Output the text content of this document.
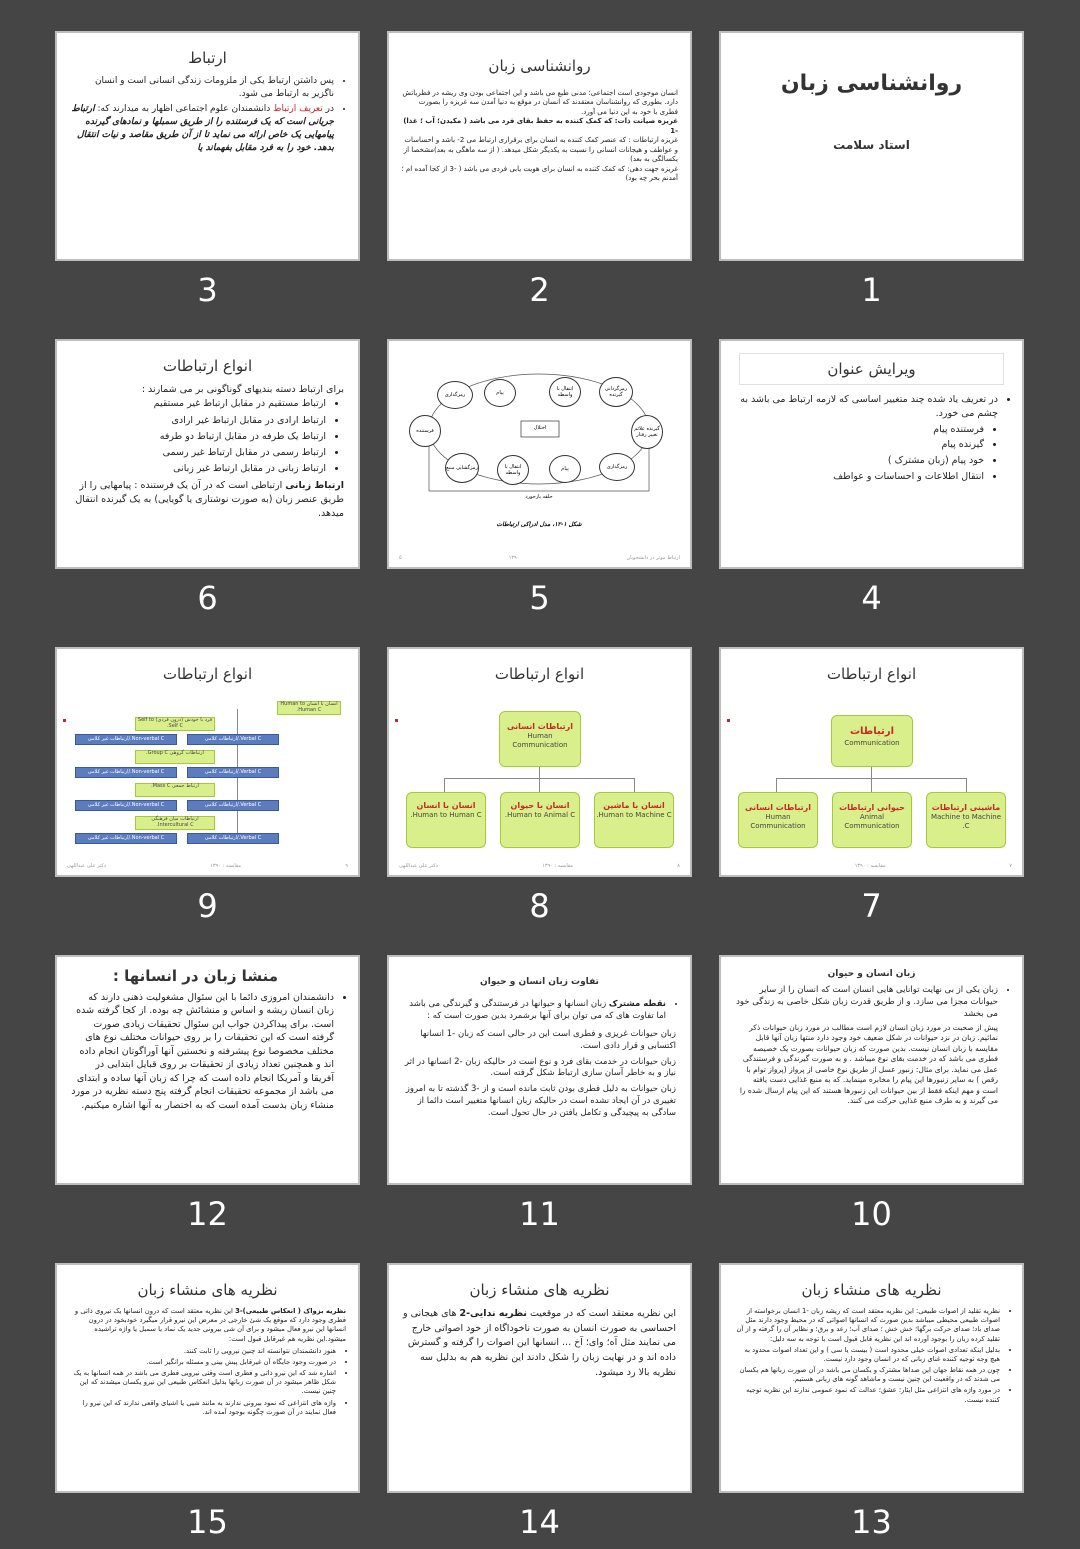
روانشناسی زبان
استاد سلامت
1
روانشناسی زبان
انسان موجودی است اجتماعی؛ مدنی طبع می باشد و این اجتماعی بودن وی ریشه در فطریاتش دارد. بطوری که روانشناسان معتقدند که انسان در موقع به دنیا آمدن سه غریزه را بصورت فطری با خود به این دنیا می آورد.
غریزه صیانت ذات: که کمک کننده به حفظ بقای فرد می باشد ( مکیدن؛ آب ؛ غذا) -1
غریزه ارتباطات : که عنصر کمک کننده به انسان برای برقراری ارتباط می 2- باشد و احساسات و عواطف و هیجانات انسانی را نسبت به یکدیگر شکل میدهد. ( از سه ماهگی به بعد)مشخصا از یکسالگی به بعد)
غریزه جهت دهی: که کمک کننده به انسان برای هویت یابی فردی می باشد ( -3 از کجا آمده ام ؛ آمدنم بحر چه بود)
2
ارتباط
• پس داشتن ارتباط یکی از ملزومات زندگی انسانی است و انسان ناگزیر به ارتباط می شود.
• در تعریف ارتباط دانشمندان علوم اجتماعی اظهار به میدارند که: ارتباط جریانی است که یک فرستنده را از طریق سمبلها و نمادهای گیرنده پیامهایی یک خاص ارائه می نماید تا از آن طریق مقاصد و نیات انتقال بدهد. خود را به فرد مقابل بفهماند یا
3
ویرایش عنوان
• در تعریف یاد شده چند متغییر اساسی که لازمه ارتباط می باشد به چشم می خورد.
• فرستنده پیام
• گیرنده پیام
• خود پیام (زبان مشترک )
• انتقال اطلاعات و احساسات و عواطف
4
اختلال
رمزگذاری	پیام
انتقال با واسطه
رمزگردانی گیرنده
گیرنده علائم تغییر رفتار
رمزگذاری
پیام
انتقال با واسطه
رمزگشایی منبع
فرستنده
حلقه بازخورد
شکل ۱-۱۲، مدل ادراکی ارتباطات
۵	۱۳۹۰	ارتباط موثر در دانشجویان
5
انواع ارتباطات
برای ارتباط دسته بندیهای گوناگونی بر می شمارند :
• ارتباط مستقیم در مقابل ارتباط غیر مستقیم
• ارتباط ارادی در مقابل ارتباط غیر ارادی
• ارتباط یک طرفه در مقابل ارتباط دو طرفه
• ارتباط رسمی در مقابل ارتباط غیر رسمی
• ارتباط زبانی در مقابل ارتباط غیر زبانی
ارتباط زبانی ارتباطی است که در آن یک فرستنده : پیامهایی را از طریق عنصر زبان (به صورت نوشتاری یا گویایی) به یک گیرنده انتقال میدهد.
6
انواع ارتباطات
ارتباطات
Communication
ماشینی ارتباطات
Machine to Machine C.
حیوانی ارتباطات
Animal Communication
ارتباطات انسانی
Human Communication
مقایسه : ۱۳۹۰	۷
7
انواع ارتباطات
ارتباطات انسانی
Human Communication
انسان با ماشین
Human to Machine C.
انسان با حیوان
Human to Animal C.
انسان با انسان
Human to Human C.
دکتر علی عبداللهی	مقایسه : ۱۳۹۰	۸
8
انواع ارتباطات
انسان با انسان Human to Human C.
فرد با خودش (درون فردی) Self to Self C.
Verbal C./ارتباطات کلامی
Non-verbal C./ارتباطات غیر کلامی
ارتباطات گروهی Group C.
Verbal C./ارتباطات کلامی
Non-verbal C./ارتباطات غیر کلامی
ارتباط جمعی Mass C.
Verbal C./ارتباطات کلامی
Non-verbal C./ارتباطات غیر کلامی
ارتباطات میان فرهنگی Intercultural C.
Verbal C./ارتباطات کلامی
Non-verbal C./ارتباطات غیر کلامی
دکتر علی عبداللهی	مقایسه : ۱۳۹۰	۹
9
زبان انسان و حیوان
• زبان یکی از بی نهایت توانایی هایی انسان است که انسان را از سایر حیوانات مجزا می سازد. و از طریق قدرت زبان شکل خاصی به زندگی خود می بخشد
پیش از صحبت در مورد زبان انسان لازم است مطالب در مورد زبان حیوانات ذکر نمائیم. زبان در نزد حیوانات در شکل ضعیف خود وجود دارد منتها زبان آنها قابل مقایسه با زبان انسان نیست. بدین صورت که زبان حیوانات بصورت یک خصیصه فطری می باشد که در خدمت بقای نوع میباشد . و به صورت گیرندگی و فرستندگی عمل می نماید. برای مثال: زنبور عسل از طریق نوع خاصی از پرواز (پرواز توام با رقص ) به سایر زنبورها این پیام را مخابره مینماید. که به منبع غذایی دست یافته است و مهم اینکه فقط از بین حیوانات این زنبورها هستند که این پیام ارسال شده را می گیرند و به طرف منبع غذایی حرکت می کنند.
10
تفاوت زبان انسان و حیوان
• نقطه مشترک زبان انسانها و حیوانها در فرستندگی و گیرندگی می باشد اما تفاوت های که می توان برای آنها برشمرد بدین صورت است که :
زبان حیوانات غریزی و فطری است این در حالی است که زبان -1 انسانها اکتسابی و قرار دادی است.
زبان حیوانات در خدمت بقای فرد و نوع است در حالیکه زبان -2 انسانها در اثر نیاز و به خاطر آسان سازی ارتباط شکل گرفته است.
زبان حیوانات به دلیل فطری بودن ثابت مانده است و از -3 گذشته تا به امروز تغییری در آن ایجاد نشده است در حالیکه زبان انسانها متغییر است دائما از سادگی به پیچیدگی و تکامل یافتن در حال تحول است.
11
منشا زبان در انسانها :
• دانشمندان امروزی دائما با این سئوال مشغولیت ذهنی دارند که زبان انسان ریشه و اساس و منشائش چه بوده. از کجا گرفته شده است. برای پیداکردن جواب این سئوال تحقیقات زیادی صورت گرفته است که این تحقیقات را بر روی حیوانات مختلف نوع های مختلف مخصوصا نوع پیشرفته و نخستین آنها آوراگوتان انجام داده اند و همچنین تعداد زیادی از تحقیقات بر روی قبایل ابتدایی در آفریقا و آمریکا انجام داده است که چرا که زبان آنها ساده و ابتدای می باشد از مجموعه تحقیقات انجام گرفته پنج دسته نظریه در مورد منشاء زبان بدست آمده است که به اختصار به آنها اشاره میکنیم.
12
نظریه های منشاء زبان
• نظریه تقلید از اصوات طبیعی: این نظریه معتقد است که ریشه زبان -1 انسان برخواسته از اصوات طبیعی محیطی میباشد بدین صورت که انسانها اصواتی که در محیط وجود دارند مثل صدای باد؛ صدای حرکت برگها؛ خش خش ؛ صدای آب؛ رعد و برق؛ و نظایر آن را گرفته و از آن تقلید کرده زبان را بوجود آورده اند این نظریه قابل قبول است با توجه به سه دلیل:
• بدلیل اینکه تعدادی اصوات خیلی محدود است ( بیست یا سی ) و این تعداد اصوات محدود به هیچ وجه توجیه کننده غنای زبانی که در انسان وجود دارد نیست.
• چون در همه نقاط جهان این صداها مشترک و یکسان می باشد در آن صورت زبانها هم یکسان می شدند که در واقعیت این چنین نیست و ماشاهد گونه های زبانی هستیم.
• در مورد واژه های انتزاعی مثل ایثار؛ عشق؛ عدالت که نمود عمومی ندارند این نظریه توجیه کننده نیست.
13
نظریه های منشاء زبان
این نظریه معتقد است که در موقعیت نظریه ندایی-2 های هیجانی و احساسی به صورت انسان به صورت ناخوداگاه از خود اصواتی خارج می نمایند مثل آه؛ وای؛ آخ ... انسانها این اصوات را گرفته و گسترش داده اند و در نهایت زبان را شکل دادند این نظریه هم به بدلیل سه نظریه بالا رد میشود.
14
نظریه های منشاء زبان
نظریه بزواک ( انعکاس طبیعی)-3 این نظریه معتقد است که درون انسانها یک نیروی ذاتی و فطری وجود دارد که موقع یک شئ خارجی در معرض این نیرو قرار میگیرد خودبخود در درون انسانها این نیرو فعال میشود و برای آن شی بیرونی جدید یک نماد یا سمبل یا واژه تراشیده میشود.این نظریه هم غیرقابل قبول است:
• هنوز دانشمندان نتوانسته اند چنین نیرویی را ثابت کنند.
• در صورت وجود جایگاه آن غیرقابل پیش بینی و مسئله برانگیز است.
• اشاره شد که این نیرو ذاتی و فطری است وقتی نیرویی فطری می باشد در همه انسانها به یک شکل ظاهر میشود در آن صورت زبانها بدلیل انعکاس طبیعی این نیرو یکسان میشدند که این چنین نیست.
• واژه های انتزاعی که نمود بیرونی ندارند به مانند شیی یا اشیای واقعی ندارند که این نیرو را فعال نمایند در آن صورت چگونه بوجود آمده اند.
15
